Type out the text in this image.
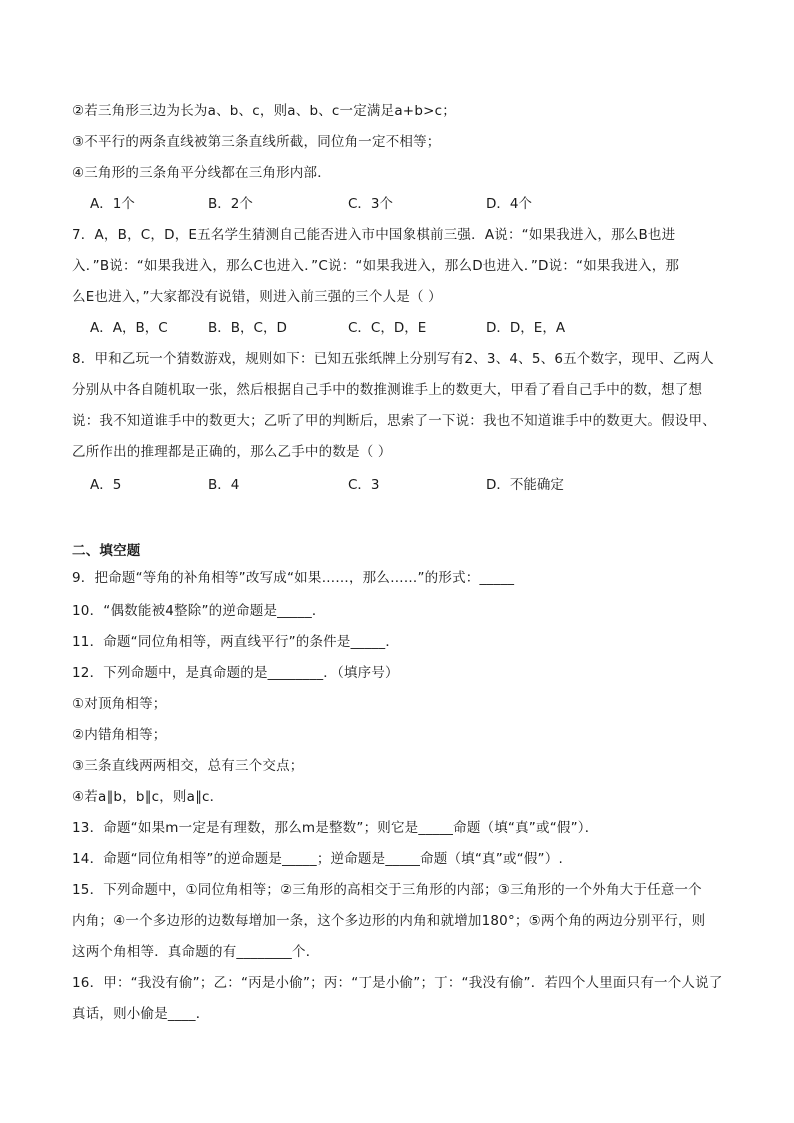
②若三角形三边为长为a、b、c，则a、b、c一定满足a+b>c；
③不平行的两条直线被第三条直线所截，同位角一定不相等；
④三角形的三条角平分线都在三角形内部．
A．1个	B．2个	C．3个	D．4个
7．A，B，C，D，E五名学生猜测自己能否进入市中国象棋前三强．A说：“如果我进入，那么B也进
入．”B说：“如果我进入，那么C也进入．”C说：“如果我进入，那么D也进入．”D说：“如果我进入，那
么E也进入，”大家都没有说错，则进入前三强的三个人是（ ）
A．A，B，C	B．B，C，D	C．C，D，E	D．D，E，A
8．甲和乙玩一个猜数游戏，规则如下：已知五张纸牌上分别写有2、3、4、5、6五个数字，现甲、乙两人
分别从中各自随机取一张，然后根据自己手中的数推测谁手上的数更大，甲看了看自己手中的数，想了想
说：我不知道谁手中的数更大；乙听了甲的判断后，思索了一下说：我也不知道谁手中的数更大。假设甲、
乙所作出的推理都是正确的，那么乙手中的数是（ ）
A．5	B．4	C．3	D．不能确定
二、填空题
9．把命题“等角的补角相等”改写成“如果……，那么……”的形式：_____
10．“偶数能被4整除”的逆命题是_____．
11．命题“同位角相等，两直线平行”的条件是_____．
12．下列命题中，是真命题的是________．（填序号）
①对顶角相等；
②内错角相等；
③三条直线两两相交，总有三个交点；
④若a∥b，b∥c，则a∥c．
13．命题“如果m一定是有理数，那么m是整数”；则它是_____命题（填“真”或“假”）．
14．命题“同位角相等”的逆命题是_____；逆命题是_____命题（填“真”或“假”）.
15．下列命题中，①同位角相等；②三角形的高相交于三角形的内部；③三角形的一个外角大于任意一个
内角；④一个多边形的边数每增加一条，这个多边形的内角和就增加180°；⑤两个角的两边分别平行，则
这两个角相等．真命题的有________个．
16．甲：“我没有偷”；乙：“丙是小偷”；丙：“丁是小偷”；丁：“我没有偷”．若四个人里面只有一个人说了
真话，则小偷是____．
